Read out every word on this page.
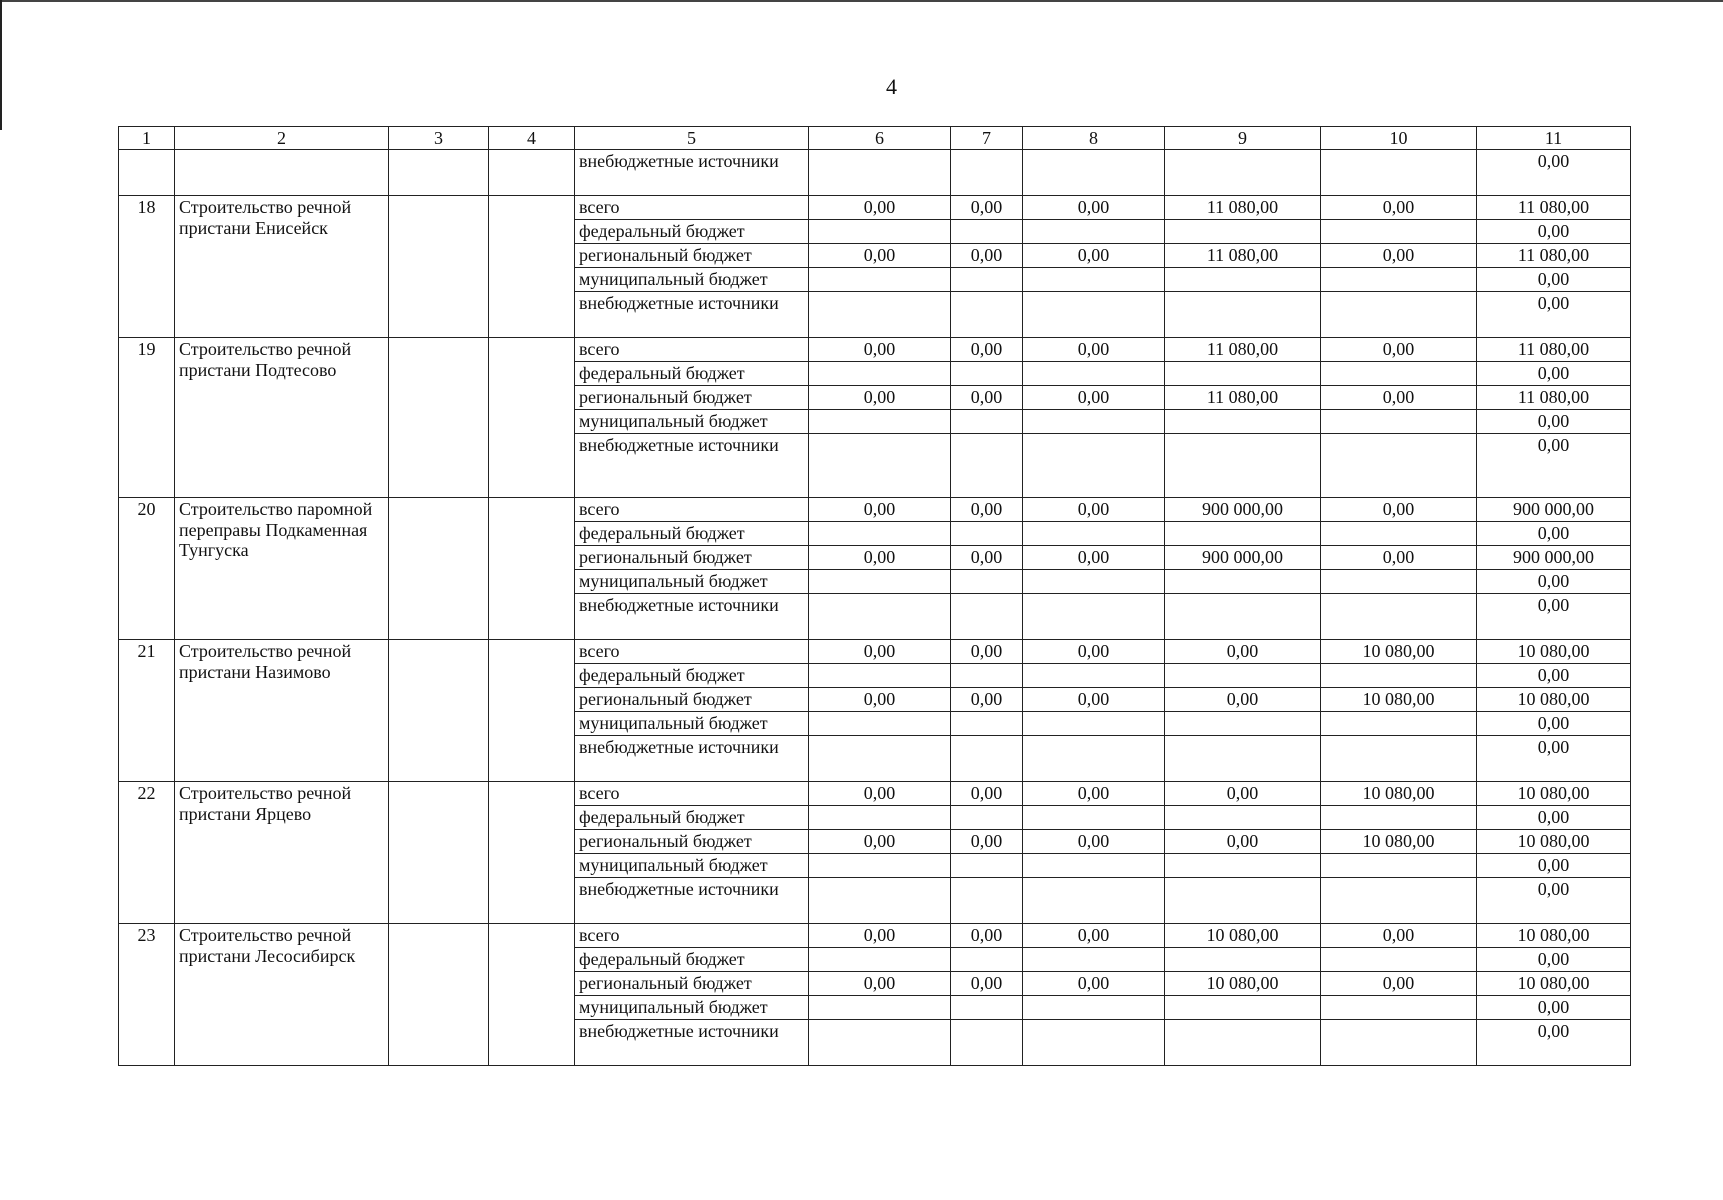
4
1	2	3	4	5	6	7	8	9	10	11
				внебюджетные источники						0,00
18	Строительство речной пристани Енисейск			всего	0,00	0,00	0,00	11 080,00	0,00	11 080,00
				федеральный бюджет						0,00
				региональный бюджет	0,00	0,00	0,00	11 080,00	0,00	11 080,00
				муниципальный бюджет						0,00
				внебюджетные источники						0,00
19	Строительство речной пристани Подтесово			всего	0,00	0,00	0,00	11 080,00	0,00	11 080,00
				федеральный бюджет						0,00
				региональный бюджет	0,00	0,00	0,00	11 080,00	0,00	11 080,00
				муниципальный бюджет						0,00
				внебюджетные источники						0,00
20	Строительство паромной переправы Подкаменная Тунгуска			всего	0,00	0,00	0,00	900 000,00	0,00	900 000,00
				федеральный бюджет						0,00
				региональный бюджет	0,00	0,00	0,00	900 000,00	0,00	900 000,00
				муниципальный бюджет						0,00
				внебюджетные источники						0,00
21	Строительство речной пристани Назимово			всего	0,00	0,00	0,00	0,00	10 080,00	10 080,00
				федеральный бюджет						0,00
				региональный бюджет	0,00	0,00	0,00	0,00	10 080,00	10 080,00
				муниципальный бюджет						0,00
				внебюджетные источники						0,00
22	Строительство речной пристани Ярцево			всего	0,00	0,00	0,00	0,00	10 080,00	10 080,00
				федеральный бюджет						0,00
				региональный бюджет	0,00	0,00	0,00	0,00	10 080,00	10 080,00
				муниципальный бюджет						0,00
				внебюджетные источники						0,00
23	Строительство речной пристани Лесосибирск			всего	0,00	0,00	0,00	10 080,00	0,00	10 080,00
				федеральный бюджет						0,00
				региональный бюджет	0,00	0,00	0,00	10 080,00	0,00	10 080,00
				муниципальный бюджет						0,00
				внебюджетные источники						0,00
